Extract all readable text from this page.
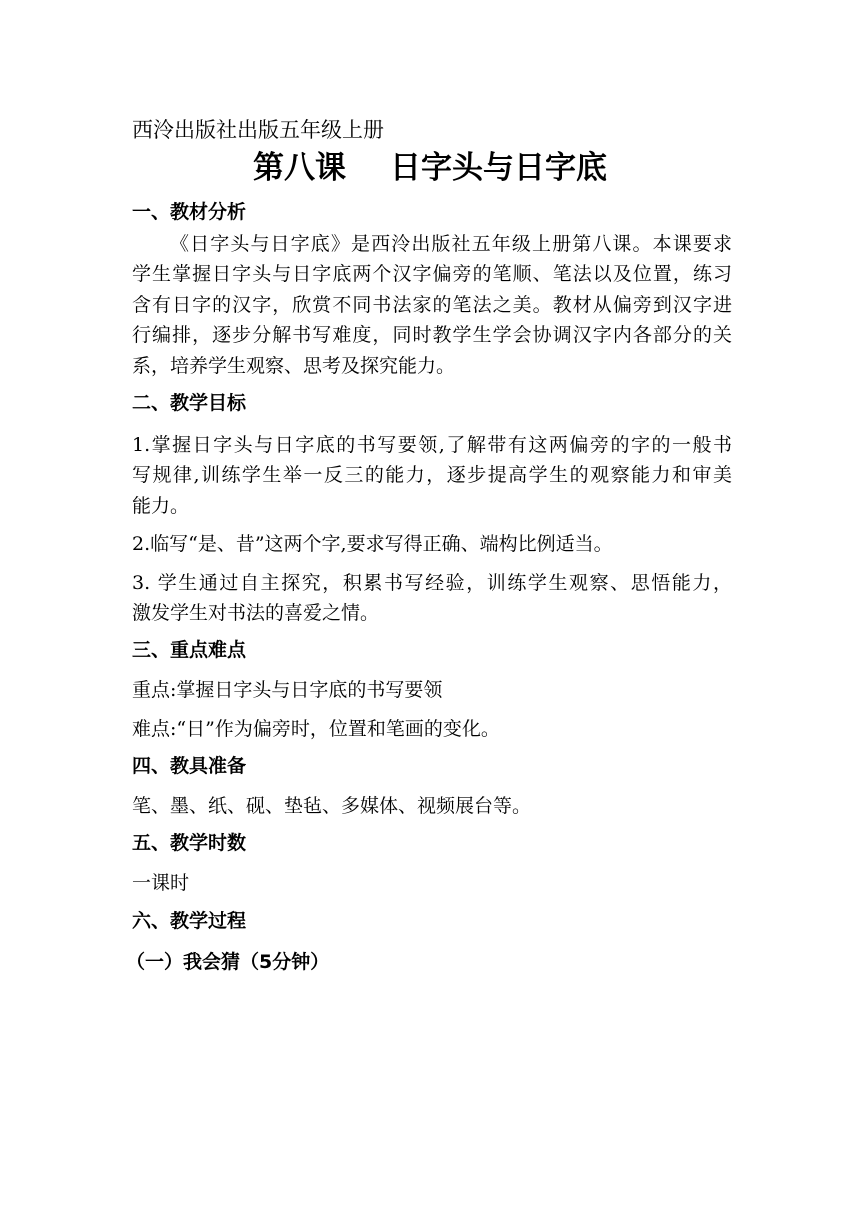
西泠出版社出版五年级上册
第八课 日字头与日字底
一、教材分析
《日字头与日字底》是西泠出版社五年级上册第八课。本课要求
学生掌握日字头与日字底两个汉字偏旁的笔顺、笔法以及位置，练习
含有日字的汉字，欣赏不同书法家的笔法之美。教材从偏旁到汉字进
行编排，逐步分解书写难度，同时教学生学会协调汉字内各部分的关
系，培养学生观察、思考及探究能力。
二、教学目标
1.掌握日字头与日字底的书写要领,了解带有这两偏旁的字的一般书
写规律,训练学生举一反三的能力，逐步提高学生的观察能力和审美
能力。
2.临写“是、昔”这两个字,要求写得正确、端构比例适当。
3. 学生通过自主探究，积累书写经验，训练学生观察、思悟能力，
激发学生对书法的喜爱之情。
三、重点难点
重点:掌握日字头与日字底的书写要领
难点:“日”作为偏旁时，位置和笔画的变化。
四、教具准备
笔、墨、纸、砚、垫毡、多媒体、视频展台等。
五、教学时数
一课时
六、教学过程
（一）我会猜（5分钟）
